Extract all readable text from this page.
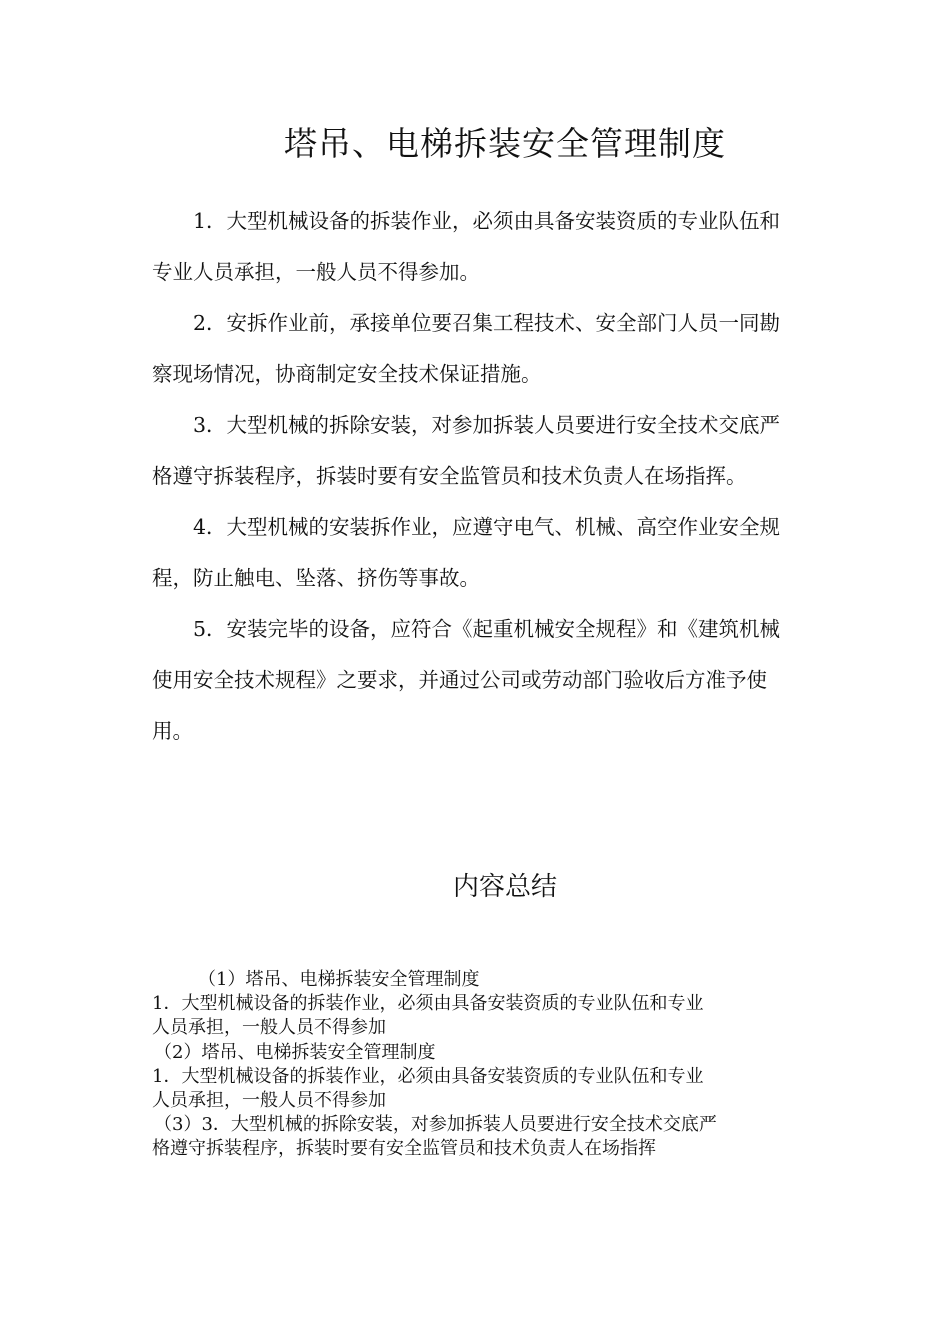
塔吊、电梯拆装安全管理制度

1．大型机械设备的拆装作业，必须由具备安装资质的专业队伍和专业人员承担，一般人员不得参加。

2．安拆作业前，承接单位要召集工程技术、安全部门人员一同勘察现场情况，协商制定安全技术保证措施。

3．大型机械的拆除安装，对参加拆装人员要进行安全技术交底严格遵守拆装程序，拆装时要有安全监管员和技术负责人在场指挥。

4．大型机械的安装拆作业，应遵守电气、机械、高空作业安全规程，防止触电、坠落、挤伤等事故。

5．安装完毕的设备，应符合《起重机械安全规程》和《建筑机械使用安全技术规程》之要求，并通过公司或劳动部门验收后方准予使用。

内容总结

（1）塔吊、电梯拆装安全管理制度

1．大型机械设备的拆装作业，必须由具备安装资质的专业队伍和专业

人员承担，一般人员不得参加

（2）塔吊、电梯拆装安全管理制度

1．大型机械设备的拆装作业，必须由具备安装资质的专业队伍和专业

人员承担，一般人员不得参加

（3）3．大型机械的拆除安装，对参加拆装人员要进行安全技术交底严

格遵守拆装程序，拆装时要有安全监管员和技术负责人在场指挥
